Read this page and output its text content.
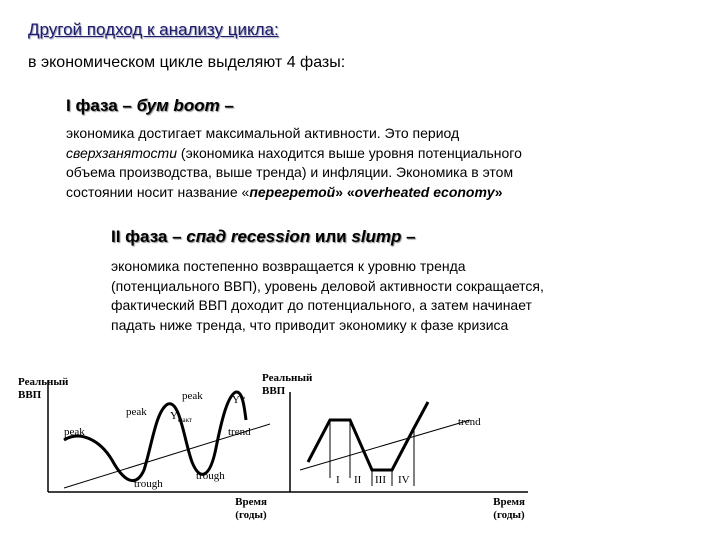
Другой подход к анализу цикла:
в экономическом цикле выделяют 4 фазы:
I фаза – бум boom –
экономика достигает максимальной активности. Это период
сверхзанятости (экономика находится выше уровня потенциального
объема производства, выше тренда) и инфляции. Экономика в этом
состоянии носит название «перегретой» «overheated economy»
II фаза – спад recession или slump –
экономика постепенно возвращается к уровню тренда
(потенциального ВВП), уровень деловой активности сокращается,
фактический ВВП доходит до потенциального, а затем начинает
падать ниже тренда, что приводит экономику к фазе кризиса
Реальный
ВВП	peak
peak
peak
$Y_{факт}$
Y*
trend
trough
trough
Время
(годы)
Реальный
ВВП
trend
I II III IV
Время
(годы)
